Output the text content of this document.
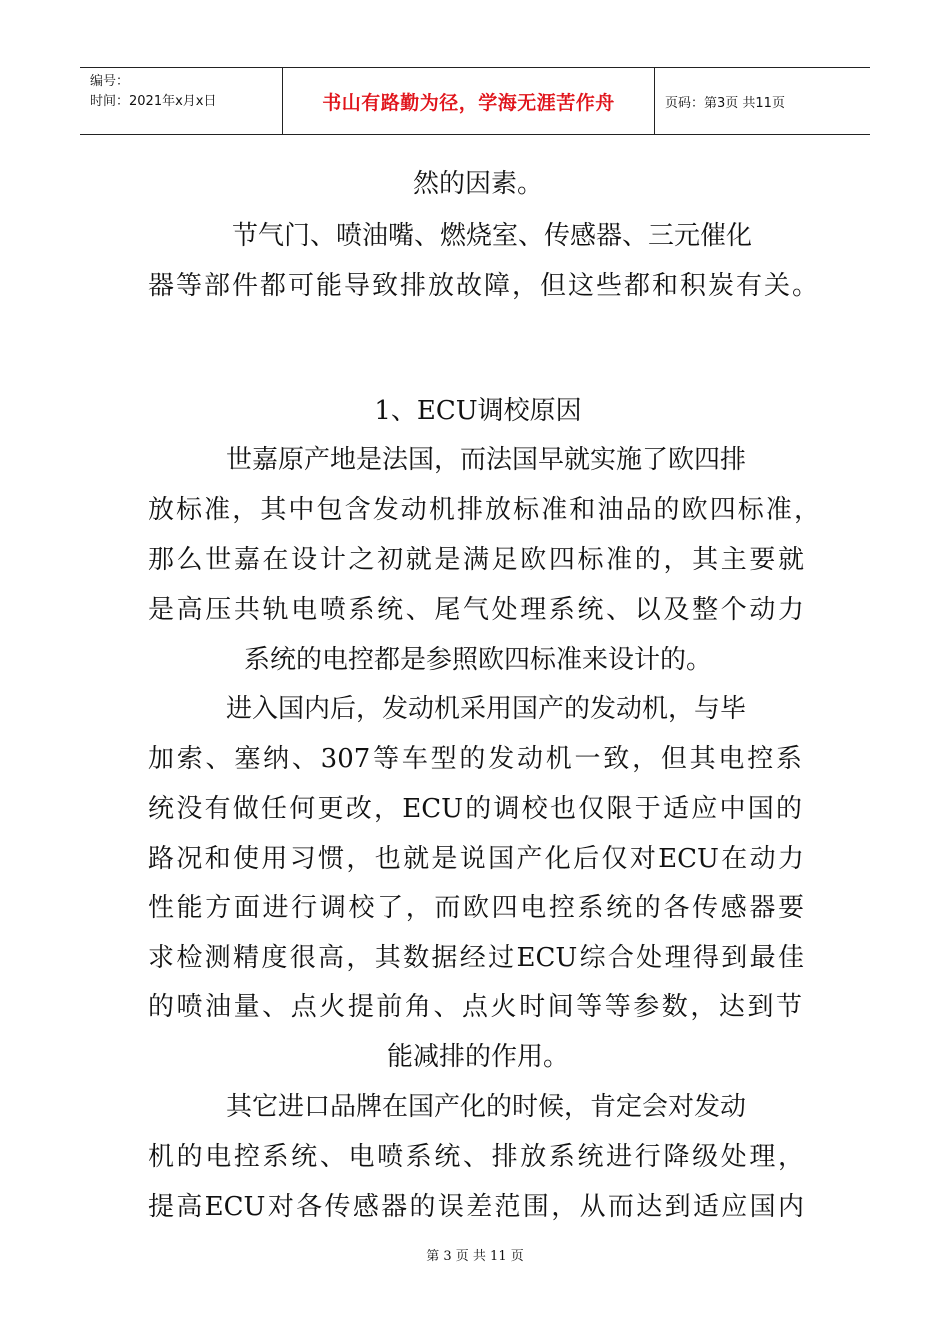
编号：
时间：2021年x月x日	书山有路勤为径，学海无涯苦作舟	页码：第3页 共11页
然的因素。
节气门、喷油嘴、燃烧室、传感器、三元催化
器等部件都可能导致排放故障，但这些都和积炭有关。
1、ECU调校原因
世嘉原产地是法国，而法国早就实施了欧四排
放标准，其中包含发动机排放标准和油品的欧四标准，
那么世嘉在设计之初就是满足欧四标准的，其主要就
是高压共轨电喷系统、尾气处理系统、以及整个动力
系统的电控都是参照欧四标准来设计的。
进入国内后，发动机采用国产的发动机，与毕
加索、塞纳、307等车型的发动机一致，但其电控系
统没有做任何更改，ECU的调校也仅限于适应中国的
路况和使用习惯，也就是说国产化后仅对ECU在动力
性能方面进行调校了，而欧四电控系统的各传感器要
求检测精度很高，其数据经过ECU综合处理得到最佳
的喷油量、点火提前角、点火时间等等参数，达到节
能减排的作用。
其它进口品牌在国产化的时候，肯定会对发动
机的电控系统、电喷系统、排放系统进行降级处理，
提高ECU对各传感器的误差范围，从而达到适应国内
第 3 页 共 11 页
